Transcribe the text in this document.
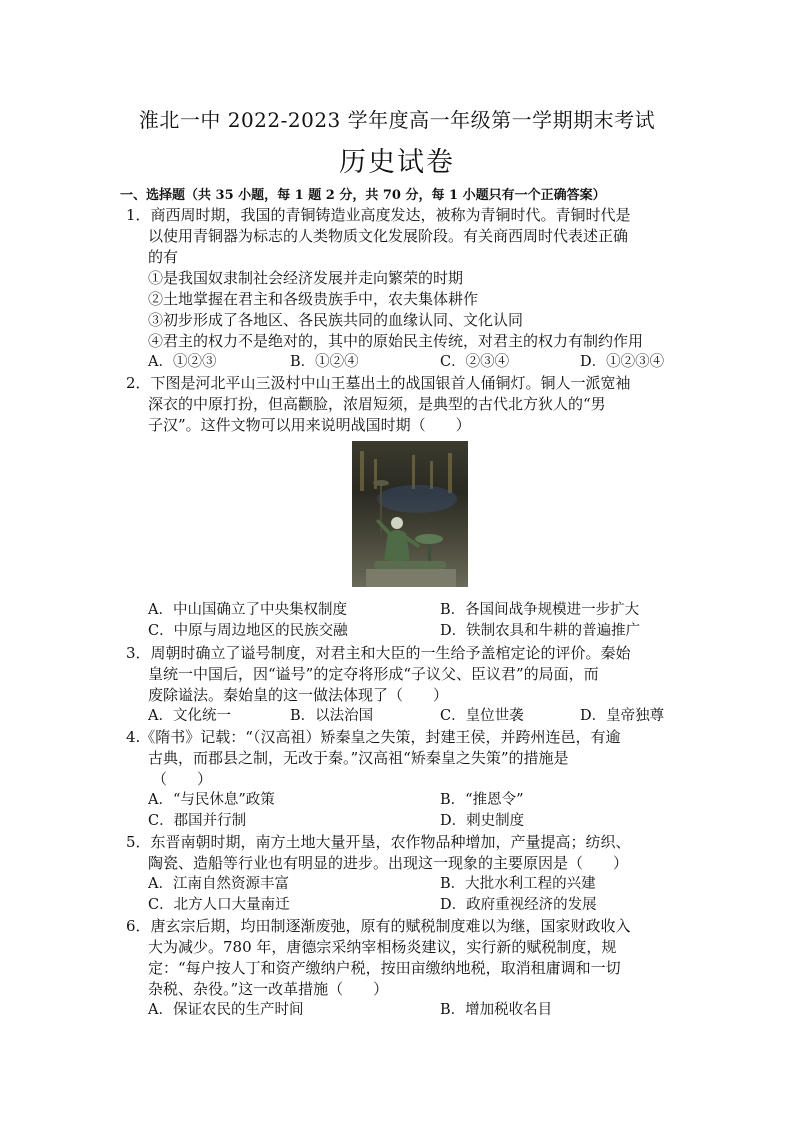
淮北一中 2022-2023 学年度高一年级第一学期期末考试
历史试卷
一、选择题（共 35 小题，每 1 题 2 分，共 70 分，每 1 小题只有一个正确答案）
1．商西周时期，我国的青铜铸造业高度发达，被称为青铜时代。青铜时代是
以使用青铜器为标志的人类物质文化发展阶段。有关商西周时代表述正确
的有
①是我国奴隶制社会经济发展并走向繁荣的时期
②土地掌握在君主和各级贵族手中，农夫集体耕作
③初步形成了各地区、各民族共同的血缘认同、文化认同
④君主的权力不是绝对的，其中的原始民主传统，对君主的权力有制约作用
A．①②③	B．①②④	C．②③④	D．①②③④
2．下图是河北平山三汲村中山王墓出土的战国银首人俑铜灯。铜人一派宽袖
深衣的中原打扮，但高颧脸，浓眉短须，是典型的古代北方狄人的“男
子汉”。这件文物可以用来说明战国时期（　　）
A．中山国确立了中央集权制度	B．各国间战争规模进一步扩大
C．中原与周边地区的民族交融	D．铁制农具和牛耕的普遍推广
3．周朝时确立了谥号制度，对君主和大臣的一生给予盖棺定论的评价。秦始
皇统一中国后，因“谥号”的定夺将形成“子议父、臣议君”的局面，而
废除谥法。秦始皇的这一做法体现了（　　）
A．文化统一	B．以法治国	C．皇位世袭	D．皇帝独尊
4.《隋书》记载：“（汉高祖）矫秦皇之失策，封建王侯，并跨州连邑，有逾
古典，而郡县之制，无改于秦。”汉高祖“矫秦皇之失策”的措施是
（　　）
A．“与民休息”政策	B．“推恩令”
C．郡国并行制	D．刺史制度
5．东晋南朝时期，南方土地大量开垦，农作物品种增加，产量提高；纺织、
陶瓷、造船等行业也有明显的进步。出现这一现象的主要原因是（　　）
A．江南自然资源丰富	B．大批水利工程的兴建
C．北方人口大量南迁	D．政府重视经济的发展
6．唐玄宗后期，均田制逐渐废弛，原有的赋税制度难以为继，国家财政收入
大为减少。780 年，唐德宗采纳宰相杨炎建议，实行新的赋税制度，规
定：“每户按人丁和资产缴纳户税，按田亩缴纳地税，取消租庸调和一切
杂税、杂役。”这一改革措施（　　）
A．保证农民的生产时间	B．增加税收名目
